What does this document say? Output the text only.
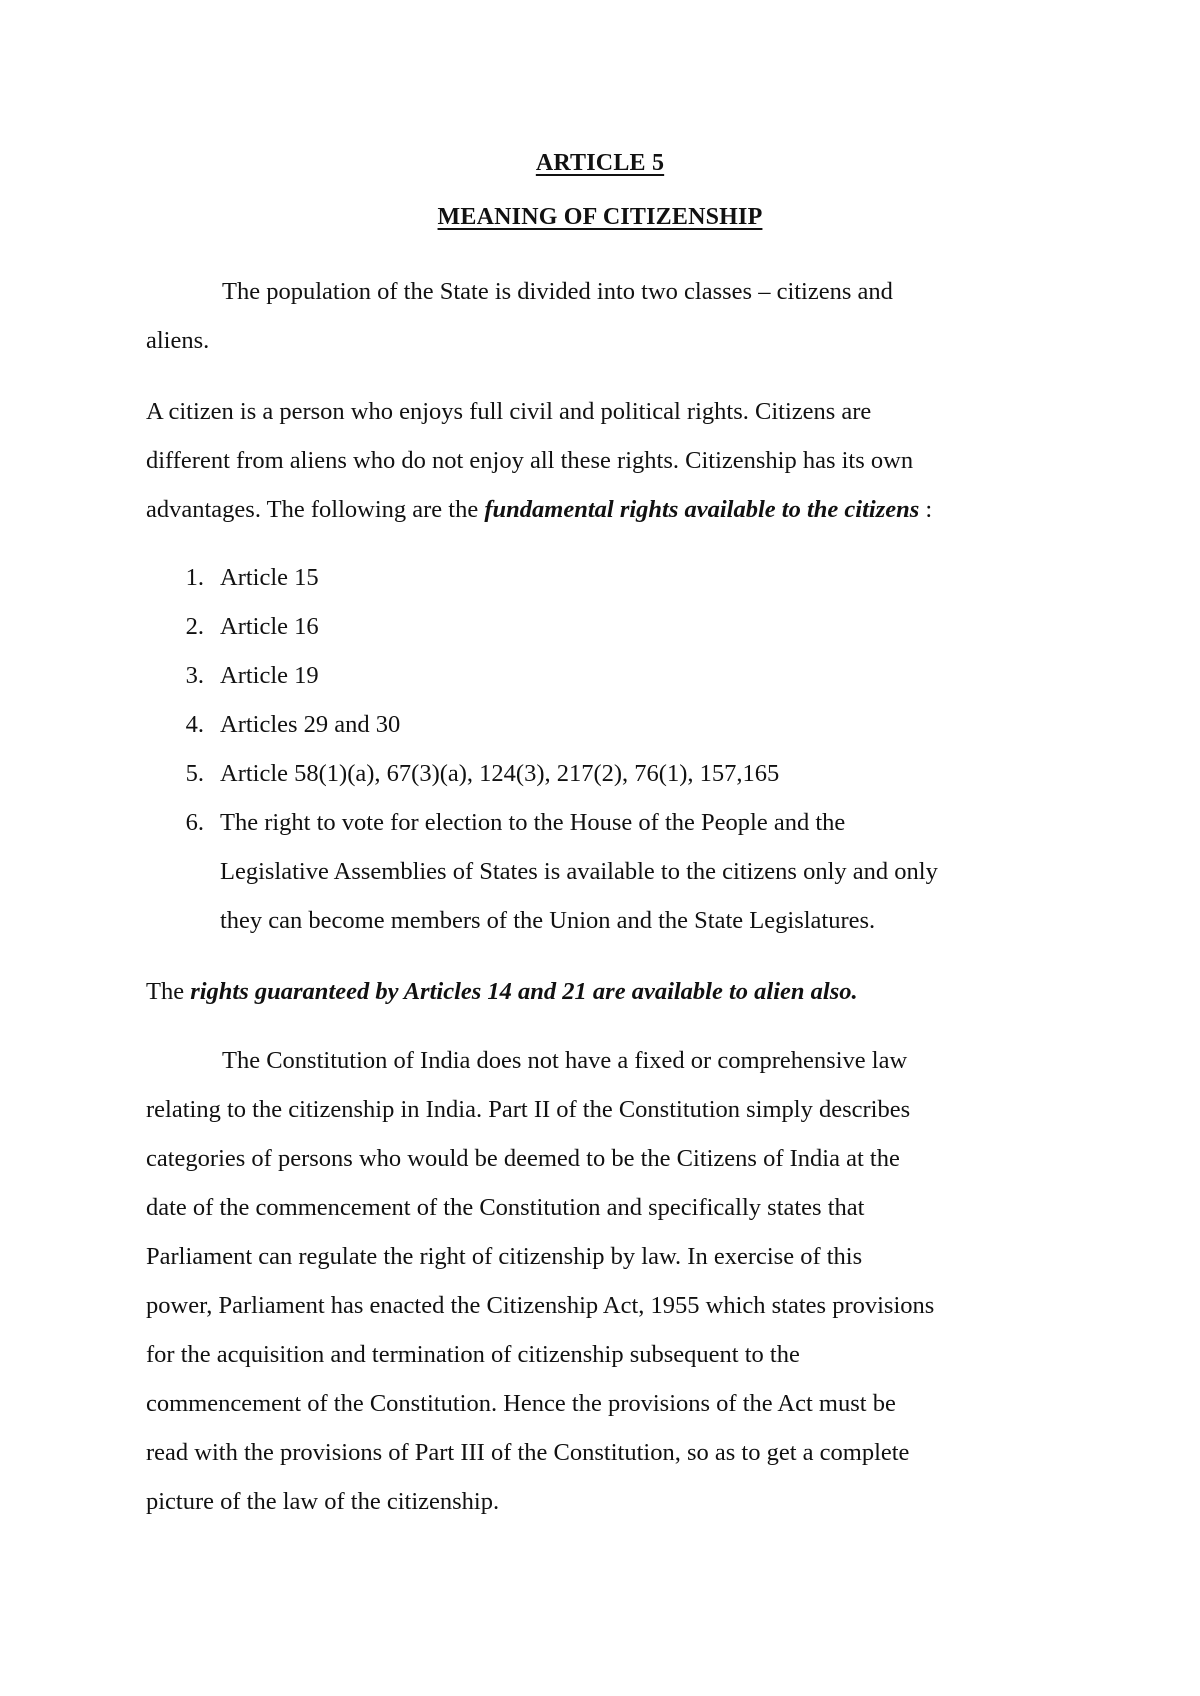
ARTICLE 5
MEANING OF CITIZENSHIP
The population of the State is divided into two classes – citizens and
aliens.
A citizen is a person who enjoys full civil and political rights. Citizens are
different from aliens who do not enjoy all these rights. Citizenship has its own
advantages. The following are the fundamental rights available to the citizens :
1. Article 15
2. Article 16
3. Article 19
4. Articles 29 and 30
5. Article 58(1)(a), 67(3)(a), 124(3), 217(2), 76(1), 157,165
6. The right to vote for election to the House of the People and the
Legislative Assemblies of States is available to the citizens only and only
they can become members of the Union and the State Legislatures.
The rights guaranteed by Articles 14 and 21 are available to alien also.
The Constitution of India does not have a fixed or comprehensive law
relating to the citizenship in India. Part II of the Constitution simply describes
categories of persons who would be deemed to be the Citizens of India at the
date of the commencement of the Constitution and specifically states that
Parliament can regulate the right of citizenship by law. In exercise of this
power, Parliament has enacted the Citizenship Act, 1955 which states provisions
for the acquisition and termination of citizenship subsequent to the
commencement of the Constitution. Hence the provisions of the Act must be
read with the provisions of Part III of the Constitution, so as to get a complete
picture of the law of the citizenship.
